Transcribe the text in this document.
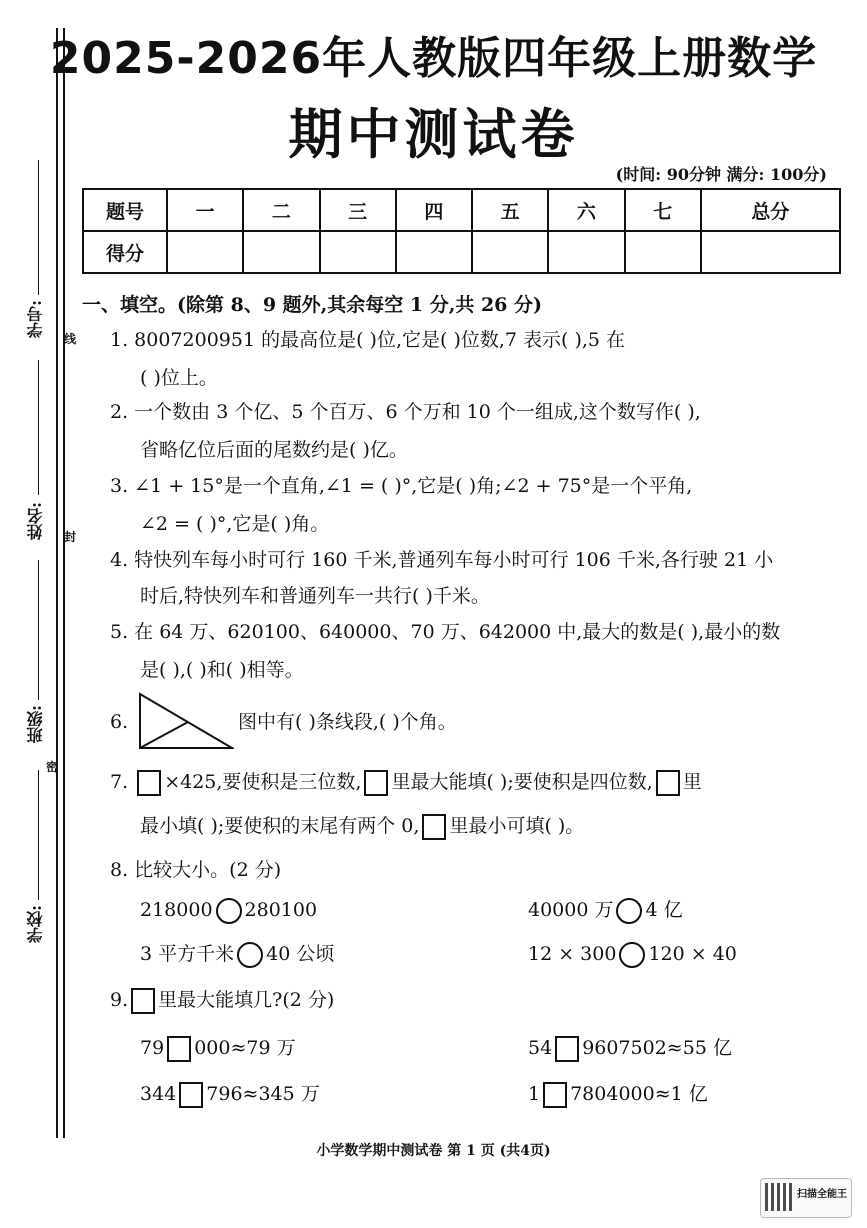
学号:
线
姓名: 封
班级:
密
学校:
2025-2026年人教版四年级上册数学
期中测试卷
(时间: 90分钟 满分: 100分)
题号	一	二	三	四	五	六	七	总分
得分								
一、填空。(除第 8、9 题外,其余每空 1 分,共 26 分)
1. 8007200951 的最高位是( )位,它是( )位数,7 表示( ),5 在
( )位上。
2. 一个数由 3 个亿、5 个百万、6 个万和 10 个一组成,这个数写作( ),
省略亿位后面的尾数约是( )亿。
3. ∠1 + 15°是一个直角,∠1 = ( )°,它是( )角;∠2 + 75°是一个平角,
∠2 = ( )°,它是( )角。
4. 特快列车每小时可行 160 千米,普通列车每小时可行 106 千米,各行驶 21 小
时后,特快列车和普通列车一共行( )千米。
5. 在 64 万、620100、640000、70 万、642000 中,最大的数是( ),最小的数
是( ),( )和( )相等。
6.	图中有( )条线段,( )个角。
7. ×425,要使积是三位数, 里最大能填( );要使积是四位数, 里
最小填( );要使积的末尾有两个 0, 里最小可填( )。
8. 比较大小。(2 分)
218000 280100	40000 万 4 亿
3 平方千米 40 公顷	12 × 300 120 × 40
9. 里最大能填几?(2 分)
79 000≈79 万	54 9607502≈55 亿
344 796≈345 万	1 7804000≈1 亿
小学数学期中测试卷 第 1 页 (共4页)
扫描全能王
